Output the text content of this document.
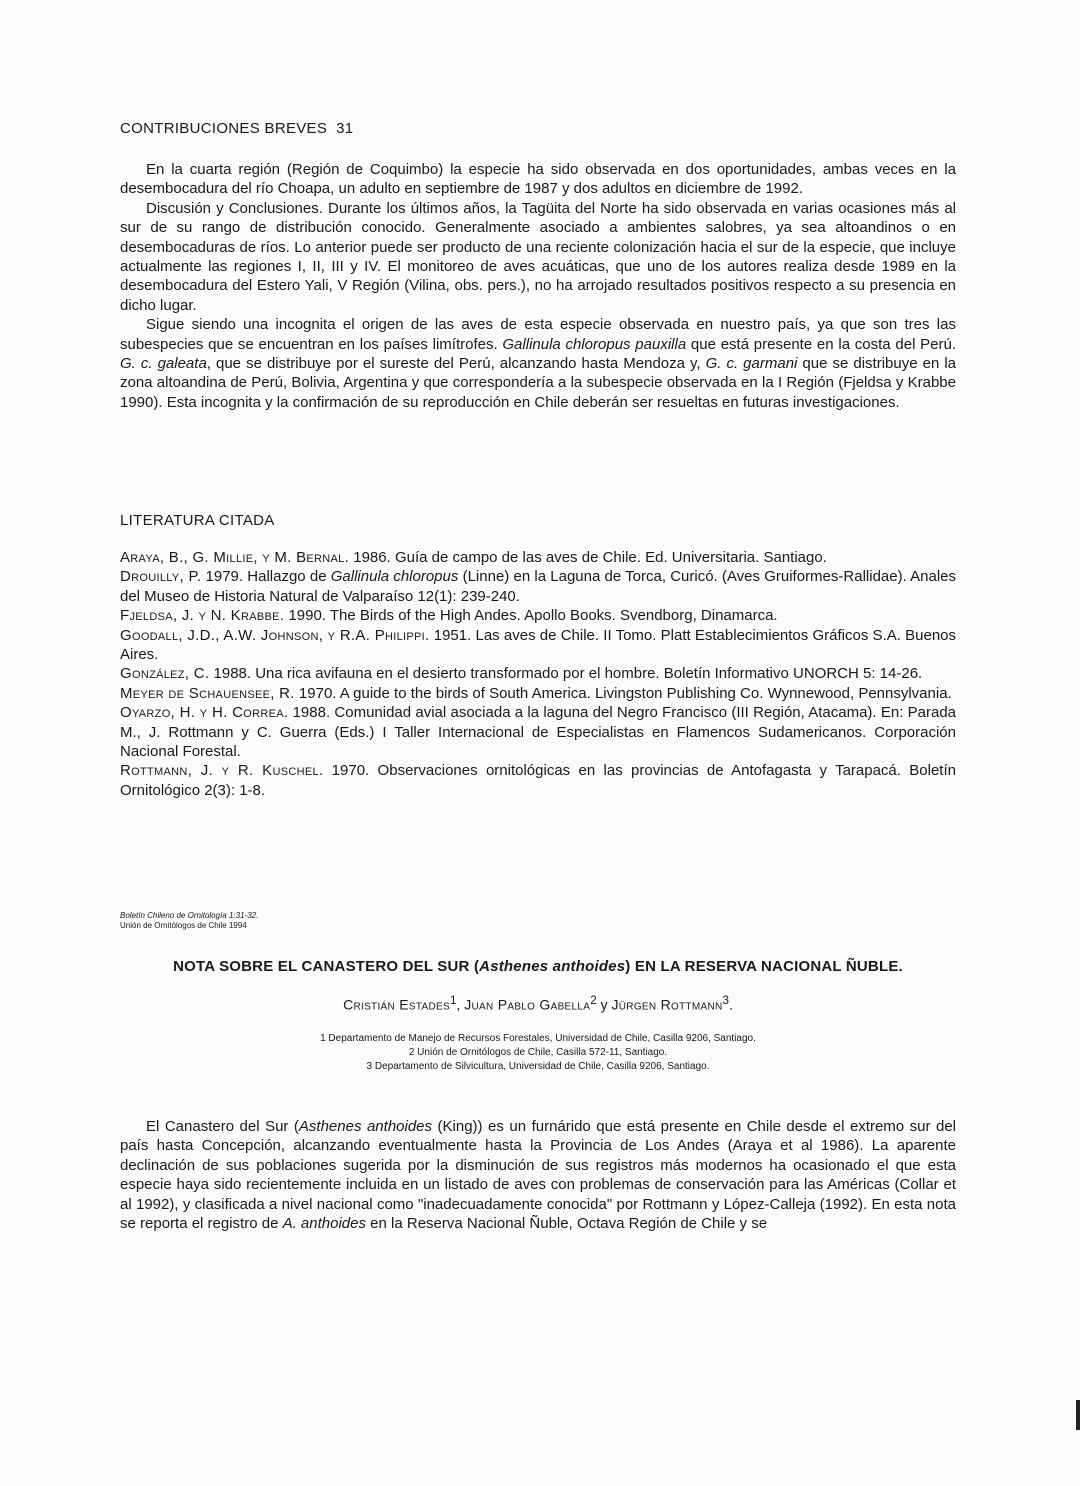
CONTRIBUCIONES BREVES 31

En la cuarta región (Región de Coquimbo) la especie ha sido observada en dos oportunidades, ambas veces en la desembocadura del río Choapa, un adulto en septiembre de 1987 y dos adultos en diciembre de 1992.

Discusión y Conclusiones. Durante los últimos años, la Tagüita del Norte ha sido observada en varias ocasiones más al sur de su rango de distribución conocido. Generalmente asociado a ambientes salobres, ya sea altoandinos o en desembocaduras de ríos. Lo anterior puede ser producto de una reciente colonización hacia el sur de la especie, que incluye actualmente las regiones I, II, III y IV. El monitoreo de aves acuáticas, que uno de los autores realiza desde 1989 en la desembocadura del Estero Yali, V Región (Vilina, obs. pers.), no ha arrojado resultados positivos respecto a su presencia en dicho lugar.

Sigue siendo una incognita el origen de las aves de esta especie observada en nuestro país, ya que son tres las subespecies que se encuentran en los países limítrofes. Gallinula chloropus pauxilla que está presente en la costa del Perú. G. c. galeata, que se distribuye por el sureste del Perú, alcanzando hasta Mendoza y, G. c. garmani que se distribuye en la zona altoandina de Perú, Bolivia, Argentina y que correspondería a la subespecie observada en la I Región (Fjeldsa y Krabbe 1990). Esta incognita y la confirmación de su reproducción en Chile deberán ser resueltas en futuras investigaciones.

LITERATURA CITADA

Araya, B., G. Millie, y M. Bernal. 1986. Guía de campo de las aves de Chile. Ed. Universitaria. Santiago.

Drouilly, P. 1979. Hallazgo de Gallinula chloropus (Linne) en la Laguna de Torca, Curicó. (Aves Gruiformes-Rallidae). Anales del Museo de Historia Natural de Valparaíso 12(1): 239-240.

Fjeldsa, J. y N. Krabbe. 1990. The Birds of the High Andes. Apollo Books. Svendborg, Dinamarca.

Goodall, J.D., A.W. Johnson, y R.A. Philippi. 1951. Las aves de Chile. II Tomo. Platt Establecimientos Gráficos S.A. Buenos Aires.

González, C. 1988. Una rica avifauna en el desierto transformado por el hombre. Boletín Informativo UNORCH 5: 14-26.

Meyer de Schauensee, R. 1970. A guide to the birds of South America. Livingston Publishing Co. Wynnewood, Pennsylvania.

Oyarzo, H. y H. Correa. 1988. Comunidad avial asociada a la laguna del Negro Francisco (III Región, Atacama). En: Parada M., J. Rottmann y C. Guerra (Eds.) I Taller Internacional de Especialistas en Flamencos Sudamericanos. Corporación Nacional Forestal.

Rottmann, J. y R. Kuschel. 1970. Observaciones ornitológicas en las provincias de Antofagasta y Tarapacá. Boletín Ornitológico 2(3): 1-8.

Boletín Chileno de Ornitología 1:31-32.
Unión de Ornitólogos de Chile 1994
NOTA SOBRE EL CANASTERO DEL SUR (Asthenes anthoides) EN LA RESERVA NACIONAL ÑUBLE.
Cristián Estades$^1$, Juan Pablo Gabella$^2$ y Jürgen Rottmann$^3$.
1 Departamento de Manejo de Recursos Forestales, Universidad de Chile, Casilla 9206, Santiago.
2 Unión de Ornitólogos de Chile, Casilla 572-11, Santiago.
3 Departamento de Silvicultura, Universidad de Chile, Casilla 9206, Santiago.

El Canastero del Sur (Asthenes anthoides (King)) es un furnárido que está presente en Chile desde el extremo sur del país hasta Concepción, alcanzando eventualmente hasta la Provincia de Los Andes (Araya et al 1986). La aparente declinación de sus poblaciones sugerida por la disminución de sus registros más modernos ha ocasionado el que esta especie haya sido recientemente incluida en un listado de aves con problemas de conservación para las Américas (Collar et al 1992), y clasificada a nivel nacional como "inadecuadamente conocida" por Rottmann y López-Calleja (1992). En esta nota se reporta el registro de A. anthoides en la Reserva Nacional Ñuble, Octava Región de Chile y se
